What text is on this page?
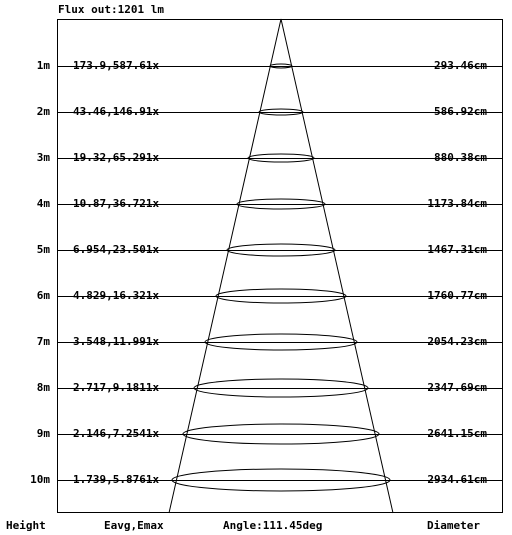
Flux out:1201 lm
1m 173.9,587.61x	293.46cm
2m 43.46,146.91x	586.92cm
3m 19.32,65.291x	880.38cm
4m 10.87,36.721x	1173.84cm
5m 6.954,23.501x	1467.31cm
6m 4.829,16.321x	1760.77cm
7m 3.548,11.991x	2054.23cm
8m 2.717,9.1811x	2347.69cm
9m 2.146,7.2541x	2641.15cm
10m 1.739,5.8761x	2934.61cm
Height	Eavg,Emax	Angle:111.45deg	Diameter
